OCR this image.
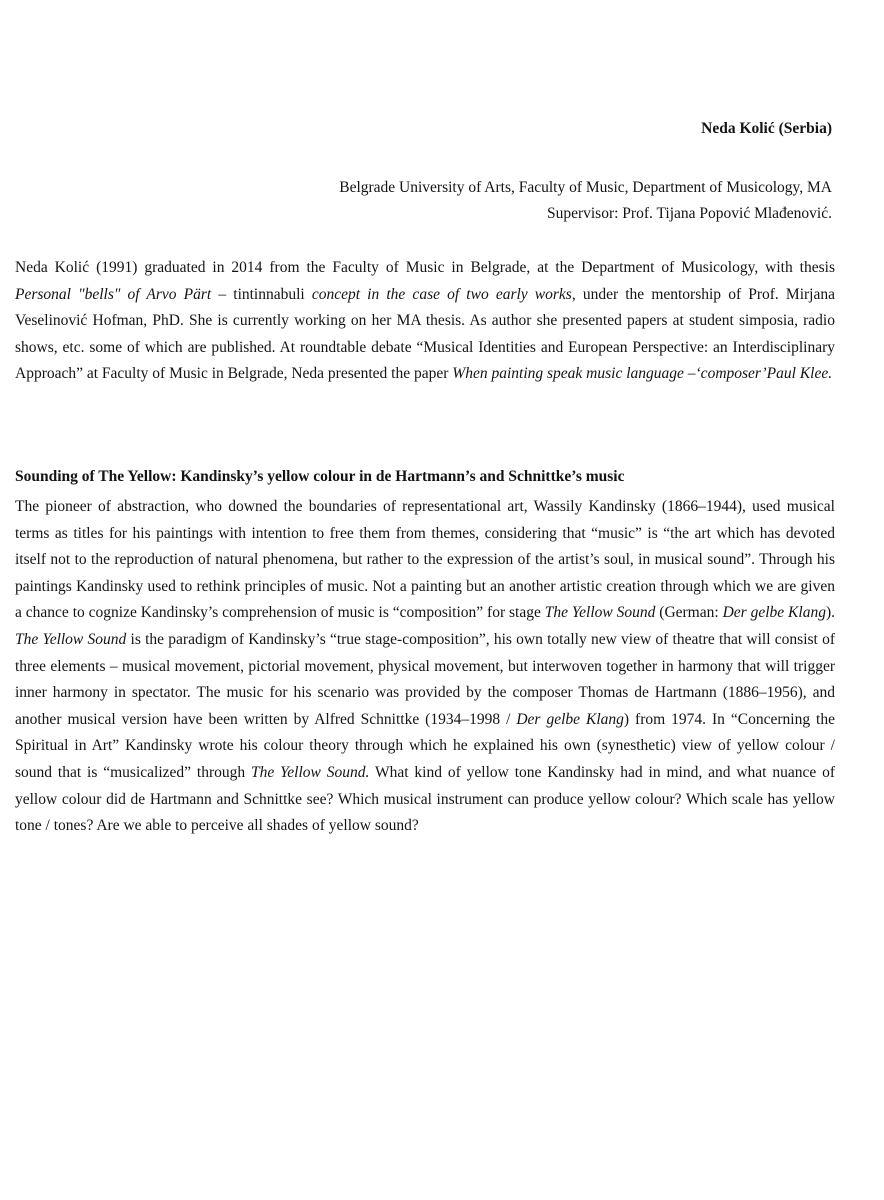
Neda Kolić (Serbia)
Belgrade University of Arts, Faculty of Music, Department of Musicology, MA
Supervisor: Prof. Tijana Popović Mlađenović.

Neda Kolić (1991) graduated in 2014 from the Faculty of Music in Belgrade, at the Department of Musicology, with thesis Personal "bells" of Arvo Pärt – tintinnabuli concept in the case of two early works, under the mentorship of Prof. Mirjana Veselinović Hofman, PhD. She is currently working on her MA thesis. As author she presented papers at student simposia, radio shows, etc. some of which are published. At roundtable debate “Musical Identities and European Perspective: an Interdisciplinary Approach” at Faculty of Music in Belgrade, Neda presented the paper When painting speak music language –‘composer’Paul Klee.

Sounding of The Yellow: Kandinsky’s yellow colour in de Hartmann’s and Schnittke’s music

The pioneer of abstraction, who downed the boundaries of representational art, Wassily Kandinsky (1866–1944), used musical terms as titles for his paintings with intention to free them from themes, considering that “music” is “the art which has devoted itself not to the reproduction of natural phenomena, but rather to the expression of the artist’s soul, in musical sound”. Through his paintings Kandinsky used to rethink principles of music. Not a painting but an another artistic creation through which we are given a chance to cognize Kandinsky’s comprehension of music is “composition” for stage The Yellow Sound (German: Der gelbe Klang). The Yellow Sound is the paradigm of Kandinsky’s “true stage-composition”, his own totally new view of theatre that will consist of three elements – musical movement, pictorial movement, physical movement, but interwoven together in harmony that will trigger inner harmony in spectator. The music for his scenario was provided by the composer Thomas de Hartmann (1886–1956), and another musical version have been written by Alfred Schnittke (1934–1998 / Der gelbe Klang) from 1974. In “Concerning the Spiritual in Art” Kandinsky wrote his colour theory through which he explained his own (synesthetic) view of yellow colour / sound that is “musicalized” through The Yellow Sound. What kind of yellow tone Kandinsky had in mind, and what nuance of yellow colour did de Hartmann and Schnittke see? Which musical instrument can produce yellow colour? Which scale has yellow tone / tones? Are we able to perceive all shades of yellow sound?
